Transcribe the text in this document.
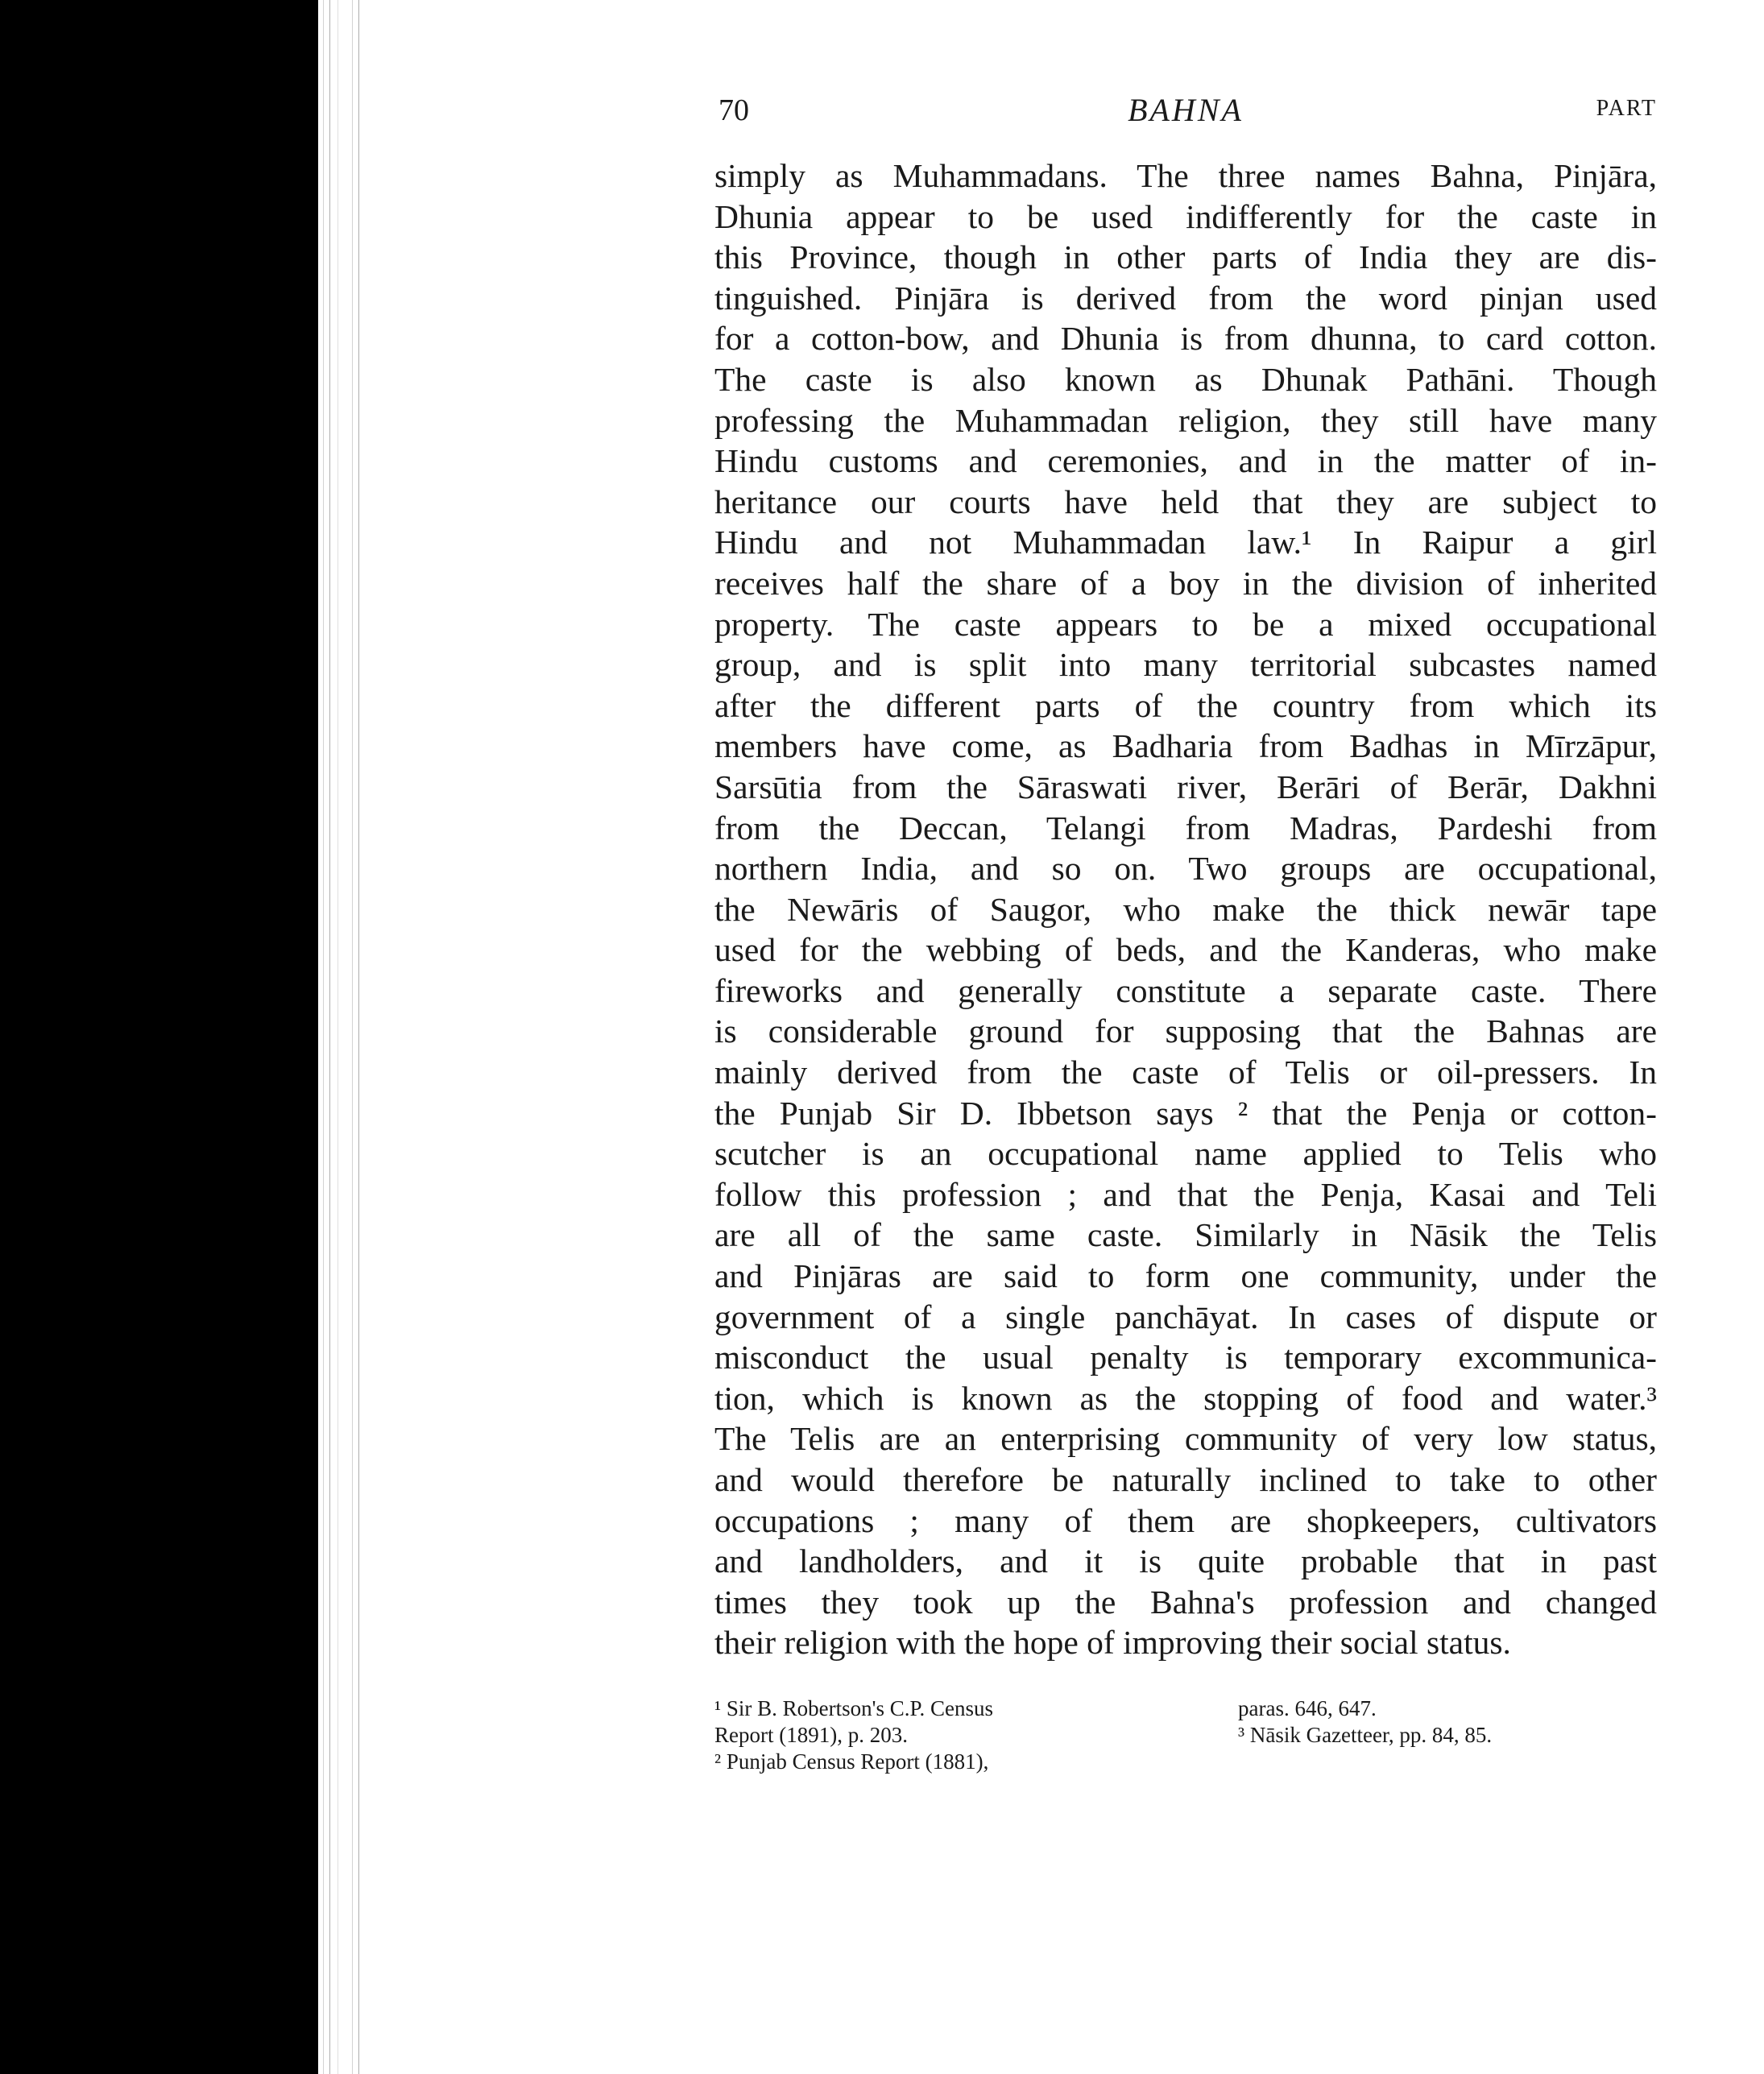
70	BAHNA	PART
simply as Muhammadans. The three names Bahna, Pinjāra,
Dhunia appear to be used indifferently for the caste in
this Province, though in other parts of India they are dis-
tinguished. Pinjāra is derived from the word pinjan used
for a cotton-bow, and Dhunia is from dhunna, to card cotton.
The caste is also known as Dhunak Pathāni. Though
professing the Muhammadan religion, they still have many
Hindu customs and ceremonies, and in the matter of in-
heritance our courts have held that they are subject to
Hindu and not Muhammadan law.¹ In Raipur a girl
receives half the share of a boy in the division of inherited
property. The caste appears to be a mixed occupational
group, and is split into many territorial subcastes named
after the different parts of the country from which its
members have come, as Badharia from Badhas in Mīrzāpur,
Sarsūtia from the Sāraswati river, Berāri of Berār, Dakhni
from the Deccan, Telangi from Madras, Pardeshi from
northern India, and so on. Two groups are occupational,
the Newāris of Saugor, who make the thick newār tape
used for the webbing of beds, and the Kanderas, who make
fireworks and generally constitute a separate caste. There
is considerable ground for supposing that the Bahnas are
mainly derived from the caste of Telis or oil-pressers. In
the Punjab Sir D. Ibbetson says ² that the Penja or cotton-
scutcher is an occupational name applied to Telis who
follow this profession ; and that the Penja, Kasai and Teli
are all of the same caste. Similarly in Nāsik the Telis
and Pinjāras are said to form one community, under the
government of a single panchāyat. In cases of dispute or
misconduct the usual penalty is temporary excommunica-
tion, which is known as the stopping of food and water.³
The Telis are an enterprising community of very low status,
and would therefore be naturally inclined to take to other
occupations ; many of them are shopkeepers, cultivators
and landholders, and it is quite probable that in past
times they took up the Bahna's profession and changed
their religion with the hope of improving their social status.
¹ Sir B. Robertson's C.P. Census
Report (1891), p. 203.
² Punjab Census Report (1881),
paras. 646, 647.
³ Nāsik Gazetteer, pp. 84, 85.
